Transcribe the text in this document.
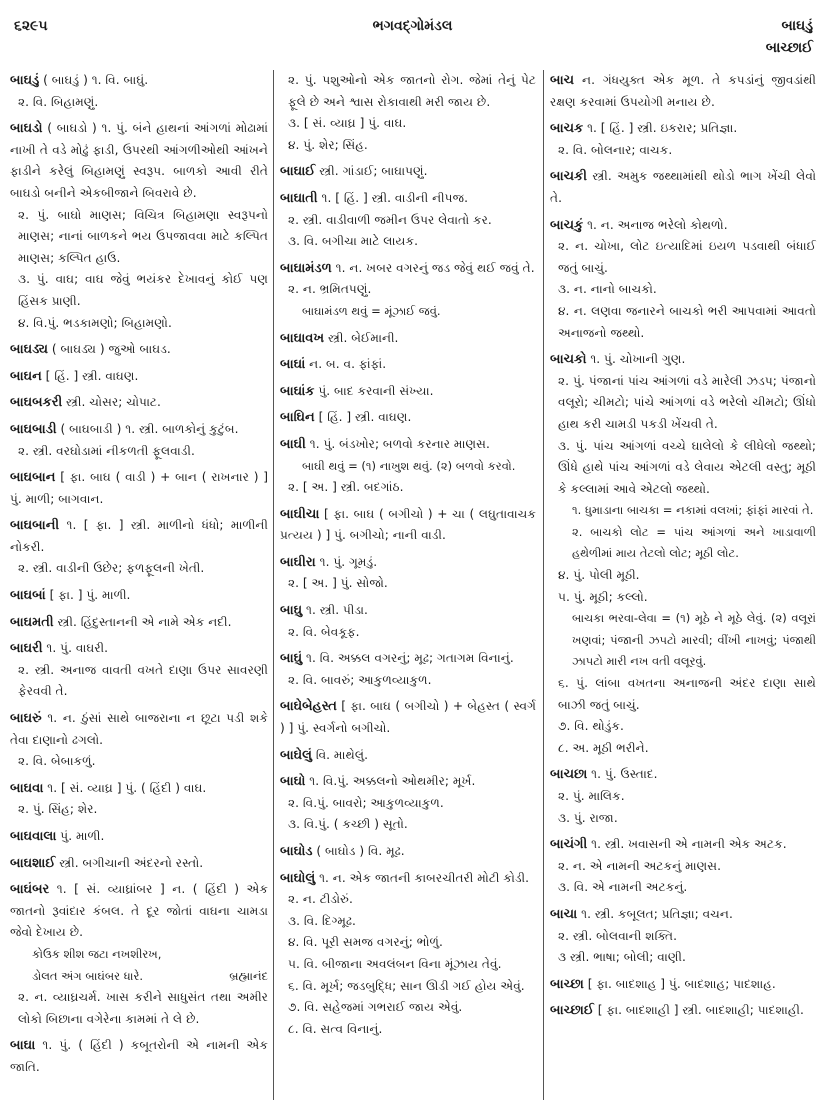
૬૨૯૫	ભગવદ્ગોમંડલ	બાઘડું
બાચ્છાઈ
બાઘડું ( બાઘડું ) ૧. વિ. બાઘું.
૨. વિ. બિહામણું.
બાઘડો ( બાઘડો ) ૧. પું. બંને હાથનાં આંગળાં મોઢામાં નાખી તે વડે મોઢું ફાડી, ઉપરથી આંગળીઓથી આંખને ફાડીને કરેલું બિહામણું સ્વરૂપ. બાળકો આવી રીતે બાઘડો બનીને એકબીજાને બિવરાવે છે.
૨. પું. બાઘો માણસ; વિચિત્ર બિહામણા સ્વરૂપનો માણસ; નાનાં બાળકને ભય ઉપજાવવા માટે કલ્પિત માણસ; કલ્પિત હાઉ.
૩. પું. વાઘ; વાઘ જેવું ભયંકર દેખાવનું કોઈ પણ હિંસક પ્રાણી.
૪. વિ.પું. ભડકામણો; બિહામણો.
બાઘડ્ય ( બાઘડ્ય ) જુઓ બાઘડ.
બાઘન [ હિં. ] સ્ત્રી. વાઘણ.
બાઘબકરી સ્ત્રી. ચોસર; ચોપાટ.
બાઘબાડી ( બાઘબાડી ) ૧. સ્ત્રી. બાળકોનું કુટુંબ.
૨. સ્ત્રી. વરઘોડામાં નીકળતી ફૂલવાડી.
બાઘબાન [ ફા. બાઘ ( વાડી ) + બાન ( રાખનાર ) ] પું. માળી; બાગવાન.
બાઘબાની ૧. [ ફા. ] સ્ત્રી. માળીનો ધંધો; માળીની નોકરી.
૨. સ્ત્રી. વાડીની ઉછેર; ફળફૂલની ખેતી.
બાઘબાં [ ફા. ] પું. માળી.
બાઘમતી સ્ત્રી. હિંદુસ્તાનની એ નામે એક નદી.
બાઘરી ૧. પું. વાઘરી.
૨. સ્ત્રી. અનાજ વાવતી વખતે દાણા ઉપર સાવરણી ફેરવવી તે.
બાઘરું ૧. ન. ઠુંસાં સાથે બાજરાના ન છૂટા પડી શકે તેવા દાણાનો ઢગલો.
૨. વિ. બેબાકળું.
બાઘવા ૧. [ સં. વ્યાઘ્ર ] પું. ( હિંદી ) વાઘ.
૨. પું. સિંહ; શેર.
બાઘવાલા પું. માળી.
બાઘશાઈ સ્ત્રી. બગીચાની અંદરનો રસ્તો.
બાઘંબર ૧. [ સં. વ્યાઘ્રાંબર ] ન. ( હિંદી ) એક જાતનો રૂવાંદાર કંબલ. તે દૂર જોતાં વાઘના ચામડા જેવો દેખાય છે.
કોઉક શીશ જટા નખશીરખ,
ડોલત અંગ બાઘંબર ધારે.	બ્રહ્માનંદ
૨. ન. વ્યાઘ્રચર્મ. ખાસ કરીને સાધુસંત તથા અમીર લોકો બિછાના વગેરેના કામમાં તે લે છે.
બાઘા ૧. પું. ( હિંદી ) કબૂતરોની એ નામની એક જાતિ.
૨. પું. પશુઓનો એક જાતનો રોગ. જેમાં તેનું પેટ ફૂલે છે અને શ્વાસ રોકાવાથી મરી જાય છે.
૩. [ સં. વ્યાઘ્ર ] પું. વાઘ.
૪. પું. શેર; સિંહ.
બાઘાઈ સ્ત્રી. ગાંડાઈ; બાઘાપણું.
બાઘાતી ૧. [ હિં. ] સ્ત્રી. વાડીની નીપજ.
૨. સ્ત્રી. વાડીવાળી જમીન ઉપર લેવાતો કર.
૩. વિ. બગીચા માટે લાયક.
બાઘામંડળ ૧. ન. ખબર વગરનું જડ જેવું થઈ જવું તે.
૨. ન. ભ્રમિતપણું.
બાઘામંડળ થવું = મૂંઝાઈ જવું.
બાઘાવખ સ્ત્રી. બેઈમાની.
બાઘાં ન. બ. વ. ફાંફાં.
બાઘાંક પું. બાદ કરવાની સંખ્યા.
બાઘિન [ હિં. ] સ્ત્રી. વાઘણ.
બાઘી ૧. પું. બંડખોર; બળવો કરનાર માણસ.
બાઘી થવું = (૧) નાખુશ થવું. (૨) બળવો કરવો.
૨. [ અ. ] સ્ત્રી. બદગાંઠ.
બાઘીચા [ ફા. બાઘ ( બગીચો ) + ચા ( લઘુતાવાચક પ્રત્યય ) ] પું. બગીચો; નાની વાડી.
બાઘીરા ૧. પું. ગૂમડું.
૨. [ અ. ] પું. સોજો.
બાઘુ ૧. સ્ત્રી. પીડા.
૨. વિ. બેવકૂફ.
બાઘું ૧. વિ. અક્કલ વગરનું; મૂઢ; ગતાગમ વિનાનું.
૨. વિ. બાવરું; આકુળવ્યાકુળ.
બાઘેબેહસ્ત [ ફા. બાઘ ( બગીચો ) + બેહસ્ત ( સ્વર્ગ ) ] પું. સ્વર્ગનો બગીચો.
બાઘેલું વિ. માથેલું.
બાઘો ૧. વિ.પું. અક્કલનો ઓથમીર; મૂર્ખ.
૨. વિ.પું. બાવરો; આકુળવ્યાકુળ.
૩. વિ.પું. ( કચ્છી ) સૂતો.
બાઘોડ ( બાઘોડ ) વિ. મૂઢ.
બાઘોલું ૧. ન. એક જાતની કાબરચીતરી મોટી કોડી.
૨. ન. ટીડોરું.
૩. વિ. દિગ્મૂઢ.
૪. વિ. પૂરી સમજ વગરનું; ભોળું.
૫. વિ. બીજાના અવલંબન વિના મૂંઝાય તેવું.
૬. વિ. મૂર્ખ; જડબુદ્ધિ; સાન ઊડી ગઈ હોય એવું.
૭. વિ. સહેજમાં ગભરાઈ જાય એવું.
૮. વિ. સત્વ વિનાનું.
બાચ ન. ગંધયુક્ત એક મૂળ. તે કપડાંનું જીવડાંથી રક્ષણ કરવામાં ઉપયોગી મનાય છે.
બાચક ૧. [ હિં. ] સ્ત્રી. ઇકરાર; પ્રતિજ્ઞા.
૨. વિ. બોલનાર; વાચક.
બાચકી સ્ત્રી. અમુક જથ્થામાંથી થોડો ભાગ ખેંચી લેવો તે.
બાચકું ૧. ન. અનાજ ભરેલો કોથળો.
૨. ન. ચોખા, લોટ ઇત્યાદિમાં ઇયળ પડવાથી બંધાઈ જતું બાચું.
૩. ન. નાનો બાચકો.
૪. ન. લણવા જનારને બાચકો ભરી આપવામાં આવતો અનાજનો જથ્થો.
બાચકો ૧. પું. ચોખાની ગુણ.
૨. પું. પંજાનાં પાંચ આંગળાં વડે મારેલી ઝડપ; પંજાનો વલૂરો; ચીમટો; પાંચે આંગળાં વડે ભરેલો ચીમટો; ઊંધો હાથ કરી ચામડી પકડી ખેંચવી તે.
૩. પું. પાંચ આંગળાં વચ્ચે ઘાલેલો કે લીધેલો જથ્થો; ઊંધે હાથે પાંચ આંગળાં વડે લેવાય એટલી વસ્તુ; મૂઠી કે કલ્લામાં આવે એટલો જથ્થો.
૧. ધુમાડાના બાચકા = નકામાં વલખાં; ફાંફાં મારવાં તે.
૨. બાચકો લોટ = પાંચ આંગળાં અને ખાડાવાળી હથેળીમાં માય તેટલો લોટ; મૂઠી લોટ.
૪. પું. પોલી મૂઠી.
૫. પું. મૂઠી; કલ્લો.
બાચકા ભરવા-લેવા = (૧) મૂઠે ને મૂઠે લેવું. (૨) વલૂરાં ખણવાં; પંજાની ઝપટો મારવી; વીંખી નાખવું; પંજાથી ઝાપટો મારી નખ વતી વલૂરવું.
૬. પું. લાંબા વખતના અનાજની અંદર દાણા સાથે બાઝી જતું બાચું.
૭. વિ. થોડુંક.
૮. અ. મૂઠી ભરીને.
બાચછા ૧. પું. ઉસ્તાદ.
૨. પું. માલિક.
૩. પું. રાજા.
બાચંગી ૧. સ્ત્રી. ખવાસની એ નામની એક અટક.
૨. ન. એ નામની અટકનું માણસ.
૩. વિ. એ નામની અટકનું.
બાચા ૧. સ્ત્રી. કબૂલત; પ્રતિજ્ઞા; વચન.
૨. સ્ત્રી. બોલવાની શક્તિ.
૩ સ્ત્રી. ભાષા; બોલી; વાણી.
બાચ્છા [ ફા. બાદશાહ ] પું. બાદશાહ; પાદશાહ.
બાચ્છાઈ [ ફા. બાદશાહી ] સ્ત્રી. બાદશાહી; પાદશાહી.
